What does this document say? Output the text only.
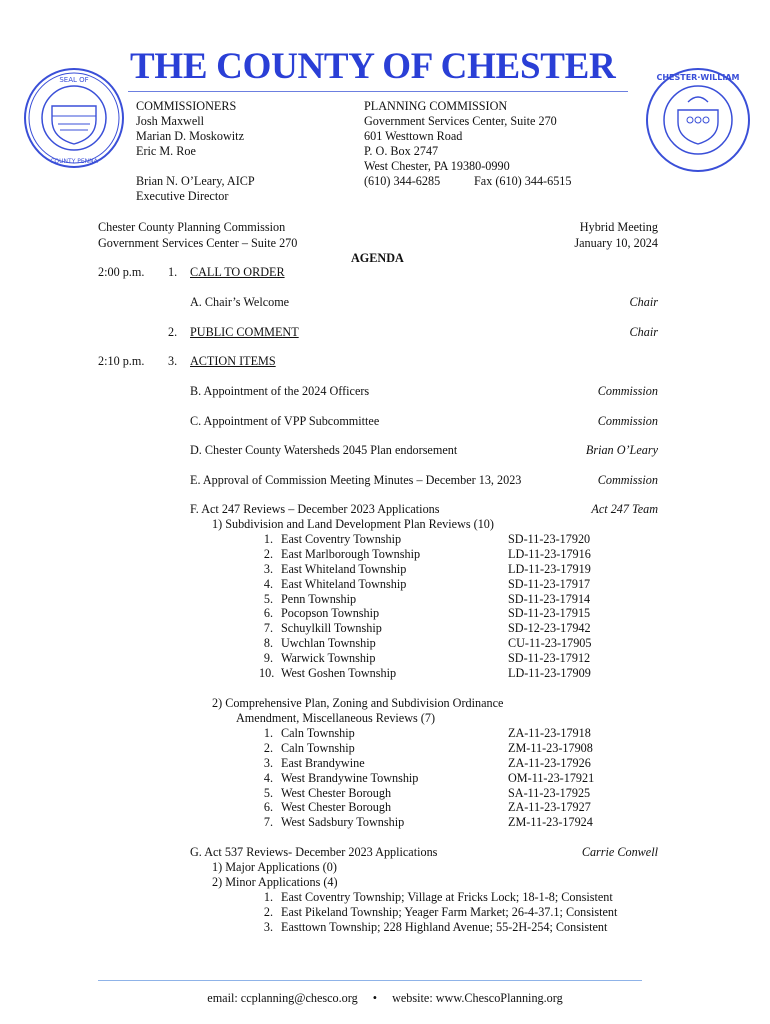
SEAL OF
COUNTY PENNA
CHESTER·WILLIAM
THE COUNTY OF CHESTER
COMMISSIONERS
Josh Maxwell
Marian D. Moskowitz
Eric M. Roe
Brian N. O’Leary, AICP
Executive Director
PLANNING COMMISSION
Government Services Center, Suite 270
601 Westtown Road
P. O. Box 2747
West Chester, PA 19380-0990
(610) 344-6285	Fax (610) 344-6515
Chester County Planning Commission
Government Services Center – Suite 270
Hybrid Meeting
January 10, 2024
AGENDA
2:00 p.m. 1. CALL TO ORDER
A. Chair’s Welcome	Chair
2. PUBLIC COMMENT	Chair
2:10 p.m. 3. ACTION ITEMS
B. Appointment of the 2024 Officers	Commission
C. Appointment of VPP Subcommittee	Commission
D. Chester County Watersheds 2045 Plan endorsement	Brian O’Leary
E. Approval of Commission Meeting Minutes – December 13, 2023	Commission
F. Act 247 Reviews – December 2023 Applications	Act 247 Team
1) Subdivision and Land Development Plan Reviews (10)
1. East Coventry Township	SD-11-23-17920
2. East Marlborough Township	LD-11-23-17916
3. East Whiteland Township	LD-11-23-17919
4. East Whiteland Township	SD-11-23-17917
5. Penn Township	SD-11-23-17914
6. Pocopson Township	SD-11-23-17915
7. Schuylkill Township	SD-12-23-17942
8. Uwchlan Township	CU-11-23-17905
9. Warwick Township	SD-11-23-17912
10. West Goshen Township	LD-11-23-17909
2) Comprehensive Plan, Zoning and Subdivision Ordinance
Amendment, Miscellaneous Reviews (7)
1. Caln Township	ZA-11-23-17918
2. Caln Township	ZM-11-23-17908
3. East Brandywine	ZA-11-23-17926
4. West Brandywine Township	OM-11-23-17921
5. West Chester Borough	SA-11-23-17925
6. West Chester Borough	ZA-11-23-17927
7. West Sadsbury Township	ZM-11-23-17924
G. Act 537 Reviews- December 2023 Applications	Carrie Conwell
1) Major Applications (0)
2) Minor Applications (4)
1. East Coventry Township; Village at Fricks Lock; 18-1-8; Consistent
2. East Pikeland Township; Yeager Farm Market; 26-4-37.1; Consistent
3. Easttown Township; 228 Highland Avenue; 55-2H-254; Consistent
email: ccplanning@chesco.org • website: www.ChescoPlanning.org
